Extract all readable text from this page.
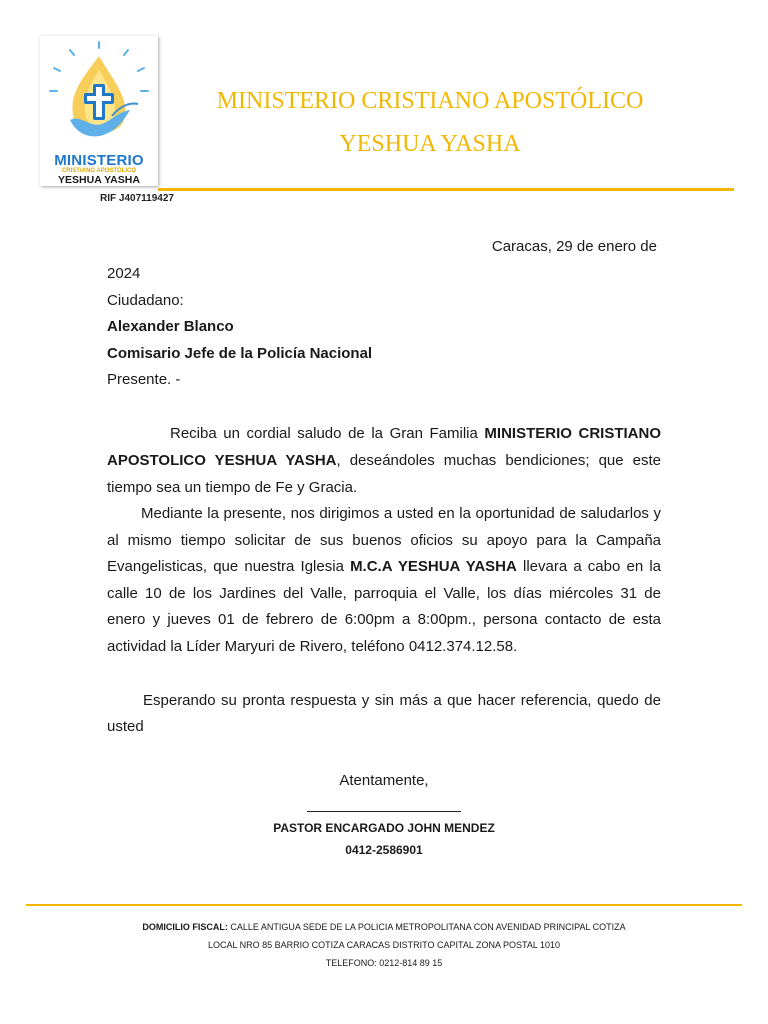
MINISTERIO
CRISTIANO APOSTÓLICO
YESHUA YASHA
MINISTERIO CRISTIANO APOSTÓLICO
YESHUA YASHA
RIF J407119427
Caracas, 29 de enero de
2024
Ciudadano:
Alexander Blanco
Comisario Jefe de la Policía Nacional
Presente. -
Reciba un cordial saludo de la Gran Familia MINISTERIO CRISTIANO
APOSTOLICO YESHUA YASHA, deseándoles muchas bendiciones; que este
tiempo sea un tiempo de Fe y Gracia.
Mediante la presente, nos dirigimos a usted en la oportunidad de saludarlos y
al mismo tiempo solicitar de sus buenos oficios su apoyo para la Campaña
Evangelisticas, que nuestra Iglesia M.C.A YESHUA YASHA llevara a cabo en la
calle 10 de los Jardines del Valle, parroquia el Valle, los días miércoles 31 de
enero y jueves 01 de febrero de 6:00pm a 8:00pm., persona contacto de esta
actividad la Líder Maryuri de Rivero, teléfono 0412.374.12.58.
Esperando su pronta respuesta y sin más a que hacer referencia, quedo de
usted
Atentamente,
PASTOR ENCARGADO JOHN MENDEZ
0412-2586901
DOMICILIO FISCAL: CALLE ANTIGUA SEDE DE LA POLICIA METROPOLITANA CON AVENIDAD PRINCIPAL COTIZA
LOCAL NRO 85 BARRIO COTIZA CARACAS DISTRITO CAPITAL ZONA POSTAL 1010
TELEFONO: 0212-814 89 15
